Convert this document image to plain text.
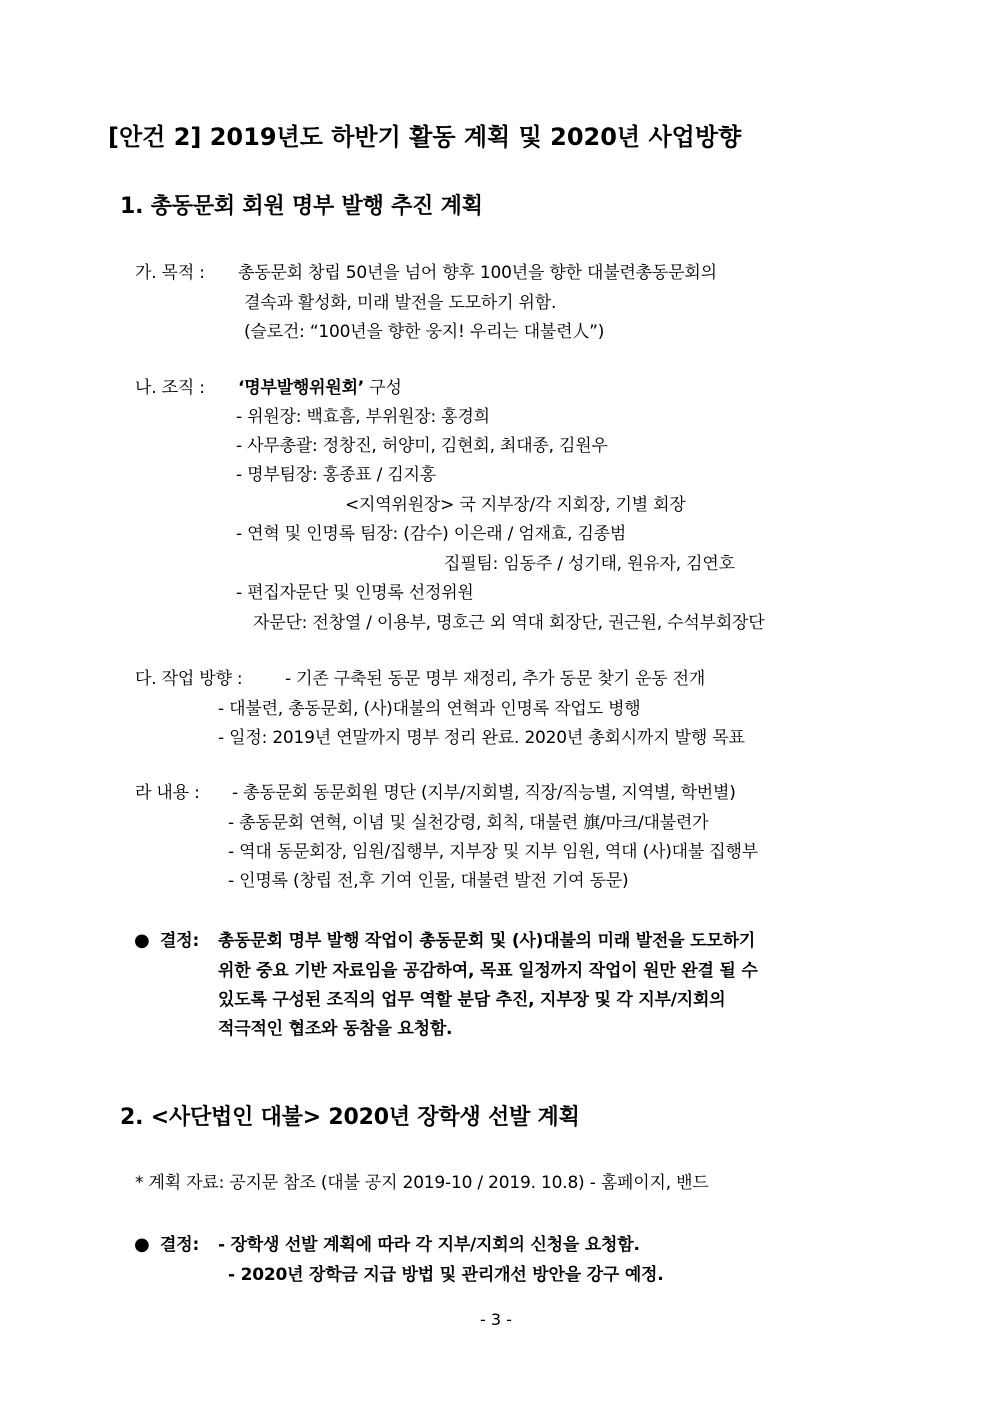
[안건 2] 2019년도 하반기 활동 계획 및 2020년 사업방향
1. 총동문회 회원 명부 발행 추진 계획
가. 목적 : 총동문회 창립 50년을 넘어 향후 100년을 향한 대불련총동문회의
결속과 활성화, 미래 발전을 도모하기 위함.
(슬로건: “100년을 향한 웅지! 우리는 대불련人”)
나. 조직 : ‘명부발행위원회’ 구성
- 위원장: 백효흠, 부위원장: 홍경희
- 사무총괄: 정창진, 허양미, 김현회, 최대종, 김원우
- 명부팀장: 홍종표 / 김지홍
<지역위원장> 국 지부장/각 지회장, 기별 회장
- 연혁 및 인명록 팀장: (감수) 이은래 / 엄재효, 김종범
집필팀: 임동주 / 성기태, 원유자, 김연호
- 편집자문단 및 인명록 선정위원
자문단: 전창열 / 이용부, 명호근 외 역대 회장단, 권근원, 수석부회장단
다. 작업 방향 :	- 기존 구축된 동문 명부 재정리, 추가 동문 찾기 운동 전개
- 대불련, 총동문회, (사)대불의 연혁과 인명록 작업도 병행
- 일정: 2019년 연말까지 명부 정리 완료. 2020년 총회시까지 발행 목표
라 내용 : - 총동문회 동문회원 명단 (지부/지회별, 직장/직능별, 지역별, 학번별)
- 총동문회 연혁, 이념 및 실천강령, 회칙, 대불련 旗/마크/대불련가
- 역대 동문회장, 임원/집행부, 지부장 및 지부 임원, 역대 (사)대불 집행부
- 인명록 (창립 전,후 기여 인물, 대불련 발전 기여 동문)
● 결정: 총동문회 명부 발행 작업이 총동문회 및 (사)대불의 미래 발전을 도모하기
위한 중요 기반 자료임을 공감하여, 목표 일정까지 작업이 원만 완결 될 수
있도록 구성된 조직의 업무 역할 분담 추진, 지부장 및 각 지부/지회의
적극적인 협조와 동참을 요청함.
2. <사단법인 대불> 2020년 장학생 선발 계획
* 계획 자료: 공지문 참조 (대불 공지 2019-10 / 2019. 10.8) - 홈페이지, 밴드
● 결정: - 장학생 선발 계획에 따라 각 지부/지회의 신청을 요청함.
- 2020년 장학금 지급 방법 및 관리개선 방안을 강구 예정.
- 3 -
